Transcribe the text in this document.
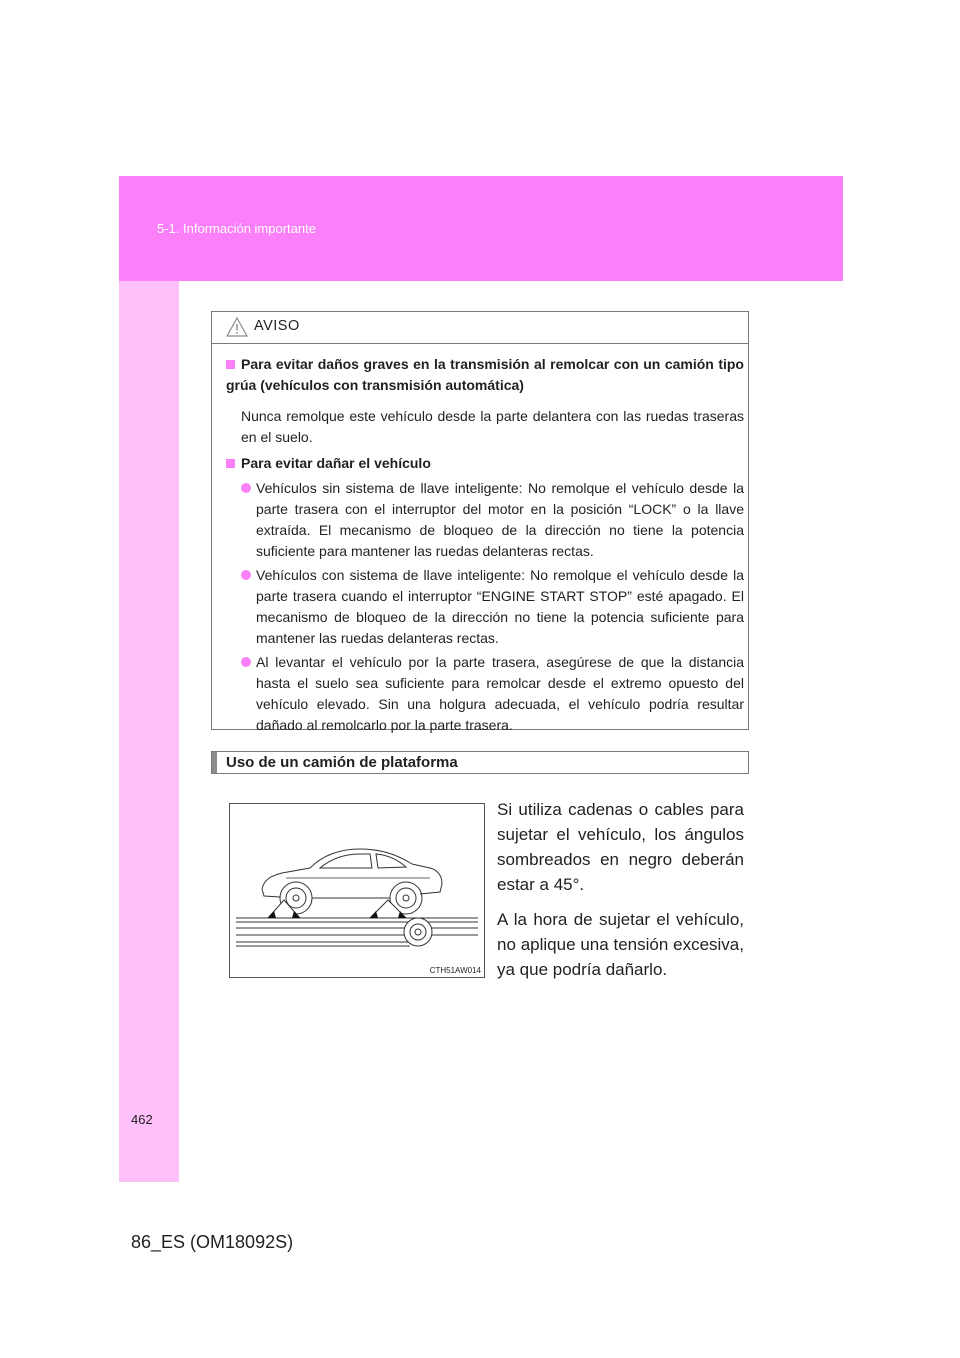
5-1. Información importante
AVISO
Para evitar daños graves en la transmisión al remolcar con un camión tipo grúa (vehículos con transmisión automática)
Nunca remolque este vehículo desde la parte delantera con las ruedas traseras en el suelo.
Para evitar dañar el vehículo
Vehículos sin sistema de llave inteligente: No remolque el vehículo desde la parte trasera con el interruptor del motor en la posición “LOCK” o la llave extraída. El mecanismo de bloqueo de la dirección no tiene la potencia suficiente para mantener las ruedas delanteras rectas.
Vehículos con sistema de llave inteligente: No remolque el vehículo desde la parte trasera cuando el interruptor “ENGINE START STOP” esté apagado. El mecanismo de bloqueo de la dirección no tiene la potencia suficiente para mantener las ruedas delanteras rectas.
Al levantar el vehículo por la parte trasera, asegúrese de que la distancia hasta el suelo sea suficiente para remolcar desde el extremo opuesto del vehículo elevado. Sin una holgura adecuada, el vehículo podría resultar dañado al remolcarlo por la parte trasera.
Uso de un camión de plataforma
CTH51AW014

Si utiliza cadenas o cables para sujetar el vehículo, los ángulos sombreados en negro deberán estar a 45°.

A la hora de sujetar el vehículo, no aplique una tensión excesiva, ya que podría dañarlo.

462
86_ES (OM18092S)
